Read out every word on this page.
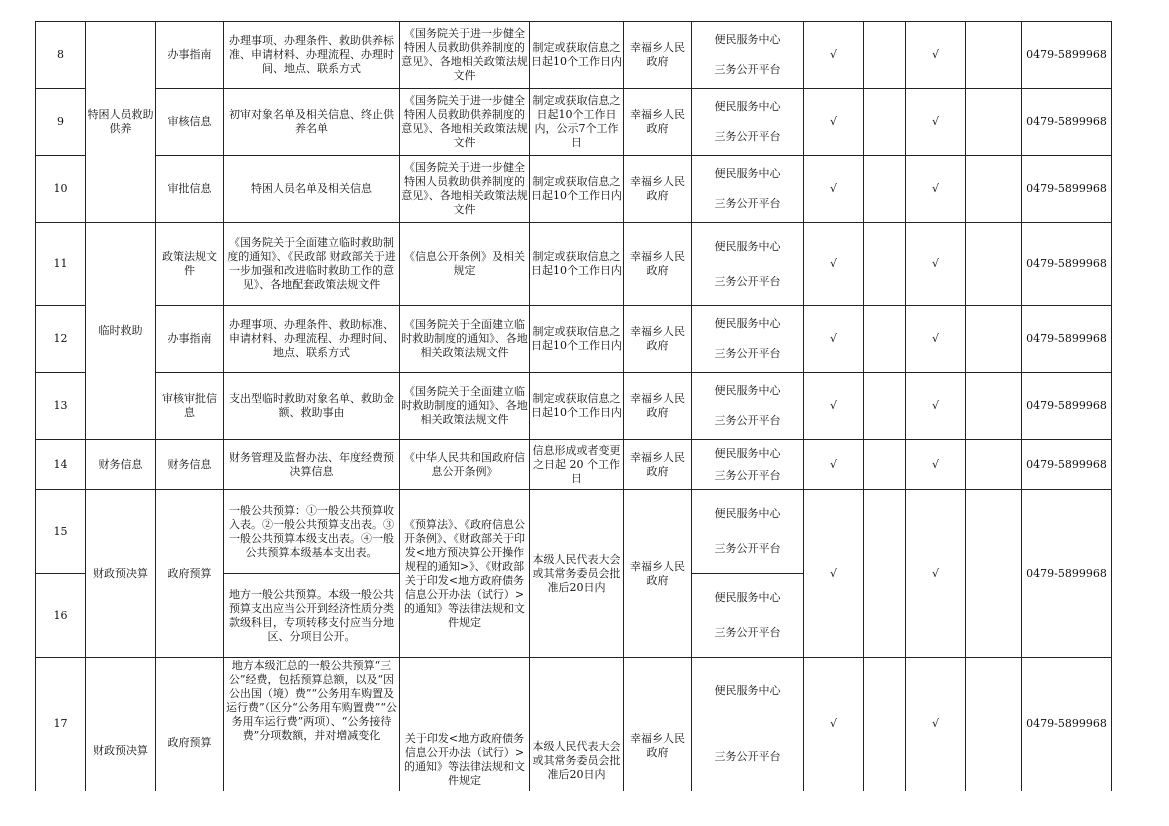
8	特困人员救助供养	办事指南	办理事项、办理条件、救助供养标准、申请材料、办理流程、办理时间、地点、联系方式	《国务院关于进一步健全特困人员救助供养制度的意见》、各地相关政策法规文件	制定或获取信息之日起10个工作日内	幸福乡人民政府	便民服务中心
三务公开平台	√		√		0479-5899968
9		审核信息	初审对象名单及相关信息、终止供养名单	《国务院关于进一步健全特困人员救助供养制度的意见》、各地相关政策法规文件	制定或获取信息之日起10个工作日内，公示7个工作日	幸福乡人民政府	便民服务中心
三务公开平台	√		√		0479-5899968
10		审批信息	特困人员名单及相关信息	《国务院关于进一步健全特困人员救助供养制度的意见》、各地相关政策法规文件	制定或获取信息之日起10个工作日内	幸福乡人民政府	便民服务中心
三务公开平台	√		√		0479-5899968
11	临时救助	政策法规文件	《国务院关于全面建立临时救助制度的通知》、《民政部 财政部关于进一步加强和改进临时救助工作的意见》、各地配套政策法规文件	《信息公开条例》及相关规定	制定或获取信息之日起10个工作日内	幸福乡人民政府	便民服务中心
三务公开平台	√		√		0479-5899968
12		办事指南	办理事项、办理条件、救助标准、申请材料、办理流程、办理时间、地点、联系方式	《国务院关于全面建立临时救助制度的通知》、各地相关政策法规文件	制定或获取信息之日起10个工作日内	幸福乡人民政府	便民服务中心
三务公开平台	√		√		0479-5899968
13		审核审批信息	支出型临时救助对象名单、救助金额、救助事由	《国务院关于全面建立临时救助制度的通知》、各地相关政策法规文件	制定或获取信息之日起10个工作日内	幸福乡人民政府	便民服务中心
三务公开平台	√		√		0479-5899968
14	财务信息	财务信息	财务管理及监督办法、年度经费预决算信息	《中华人民共和国政府信息公开条例》	信息形成或者变更之日起 20 个工作日	幸福乡人民政府	便民服务中心
三务公开平台	√		√		0479-5899968
15	财政预决算	政府预算	一般公共预算：①一般公共预算收入表。②一般公共预算支出表。③一般公共预算本级支出表。④一般公共预算本级基本支出表。	《预算法》、《政府信息公开条例》、《财政部关于印发<地方预决算公开操作规程的通知>》、《财政部关于印发<地方政府债务信息公开办法（试行）>的通知》等法律法规和文件规定	本级人民代表大会或其常务委员会批准后20日内	幸福乡人民政府	便民服务中心
三务公开平台	√		√		0479-5899968
16			地方一般公共预算。本级一般公共预算支出应当公开到经济性质分类款级科目，专项转移支付应当分地区、分项目公开。				便民服务中心
三务公开平台					

17	财政预决算	政府预算	地方本级汇总的一般公共预算“三公”经费，包括预算总额，以及“因公出国（境）费”“公务用车购置及运行费”（区分“公务用车购置费”“公务用车运行费”两项）、“公务接待费”分项数额，并对增减变化	关于印发<地方政府债务信息公开办法（试行）>的通知》等法律法规和文件规定	本级人民代表大会或其常务委员会批准后20日内	幸福乡人民政府	便民服务中心
三务公开平台	√		√		0479-5899968
